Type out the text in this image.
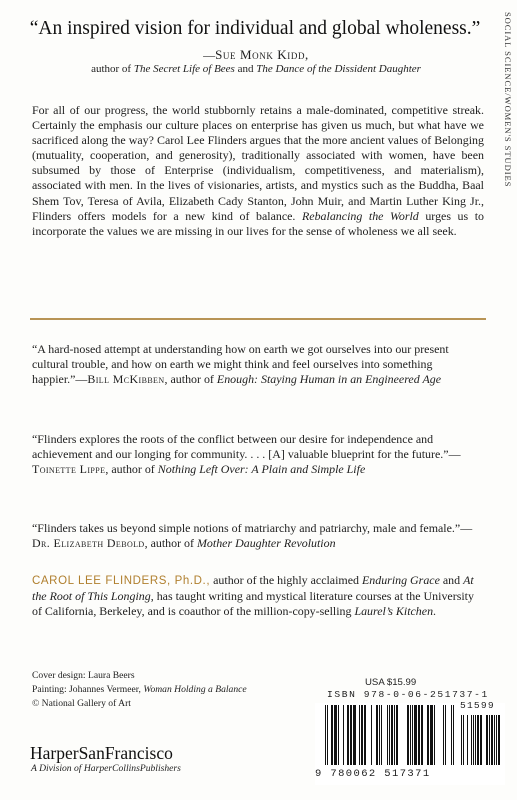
SOCIAL SCIENCE/WOMEN'S STUDIES
“An inspired vision for individual and global wholeness.”
—Sue Monk Kidd,
author of The Secret Life of Bees and The Dance of the Dissident Daughter
For all of our progress, the world stubbornly retains a male-dominated, competitive streak. Certainly the emphasis our culture places on enterprise has given us much, but what have we sacrificed along the way? Carol Lee Flinders argues that the more ancient values of Belonging (mutuality, cooperation, and generosity), traditionally associated with women, have been subsumed by those of Enterprise (individualism, competitiveness, and materialism), associated with men. In the lives of visionaries, artists, and mystics such as the Buddha, Baal Shem Tov, Teresa of Avila, Elizabeth Cady Stanton, John Muir, and Martin Luther King Jr., Flinders offers models for a new kind of balance. Rebalancing the World urges us to incorporate the values we are missing in our lives for the sense of wholeness we all seek.
“A hard-nosed attempt at understanding how on earth we got ourselves into our present cultural trouble, and how on earth we might think and feel ourselves into something happier.”—Bill McKibben, author of Enough: Staying Human in an Engineered Age
“Flinders explores the roots of the conflict between our desire for independence and achievement and our longing for community. . . . [A] valuable blueprint for the future.”—Toinette Lippe, author of Nothing Left Over: A Plain and Simple Life
“Flinders takes us beyond simple notions of matriarchy and patriarchy, male and female.”—Dr. Elizabeth Debold, author of Mother Daughter Revolution
CAROL LEE FLINDERS, Ph.D., author of the highly acclaimed Enduring Grace and At the Root of This Longing, has taught writing and mystical literature courses at the University of California, Berkeley, and is coauthor of the million-copy-selling Laurel’s Kitchen.
Cover design: Laura Beers
Painting: Johannes Vermeer, Woman Holding a Balance
© National Gallery of Art
HarperSanFrancisco
A Division of HarperCollinsPublishers
USA $15.99
ISBN 978-0-06-251737-1
51599
9 780062 517371
